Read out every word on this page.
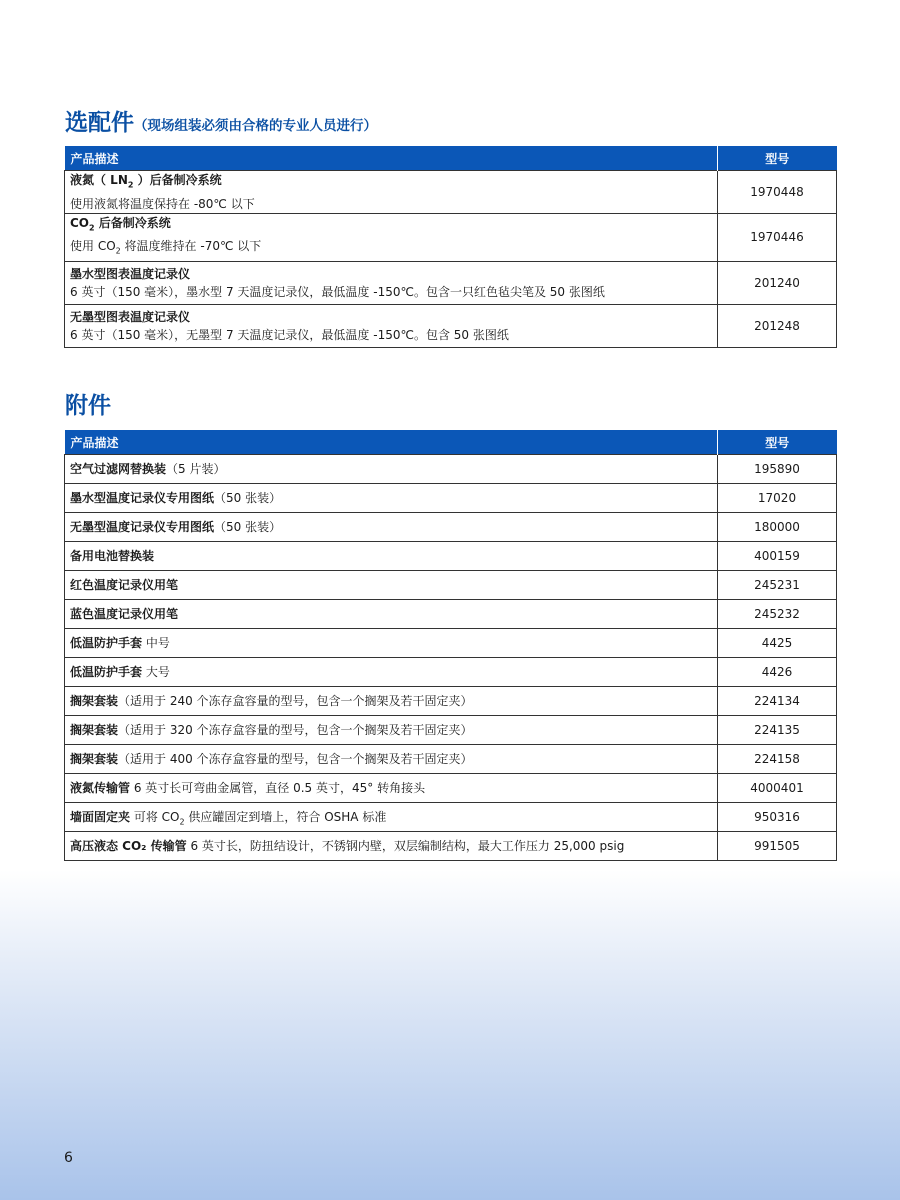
选配件（现场组装必须由合格的专业人员进行）
产品描述	型号

液氮（ $LN_2$ ）后备制冷系统
使用液氮将温度保持在 -80℃ 以下	1970448

$CO_2$ 后备制冷系统
使用 $CO_2$ 将温度维持在 -70℃ 以下	1970446

墨水型图表温度记录仪
6 英寸（150 毫米），墨水型 7 天温度记录仪，最低温度 -150℃。包含一只红色毡尖笔及 50 张图纸	201240

无墨型图表温度记录仪
6 英寸（150 毫米），无墨型 7 天温度记录仪，最低温度 -150℃。包含 50 张图纸	201248
附件
产品描述	型号
空气过滤网替换装（5 片装）	195890
墨水型温度记录仪专用图纸（50 张装）	17020
无墨型温度记录仪专用图纸（50 张装）	180000
备用电池替换装	400159
红色温度记录仪用笔	245231
蓝色温度记录仪用笔	245232
低温防护手套 中号	4425
低温防护手套 大号	4426
搁架套装（适用于 240 个冻存盒容量的型号，包含一个搁架及若干固定夹）	224134
搁架套装（适用于 320 个冻存盒容量的型号，包含一个搁架及若干固定夹）	224135
搁架套装（适用于 400 个冻存盒容量的型号，包含一个搁架及若干固定夹）	224158
液氮传输管 6 英寸长可弯曲金属管，直径 0.5 英寸，45° 转角接头	4000401
墙面固定夹 可将 $CO_2$ 供应罐固定到墙上，符合 OSHA 标准	950316
高压液态 CO₂ 传输管 6 英寸长，防扭结设计，不锈钢内壁，双层编制结构，最大工作压力 25,000 psig	991505
6
